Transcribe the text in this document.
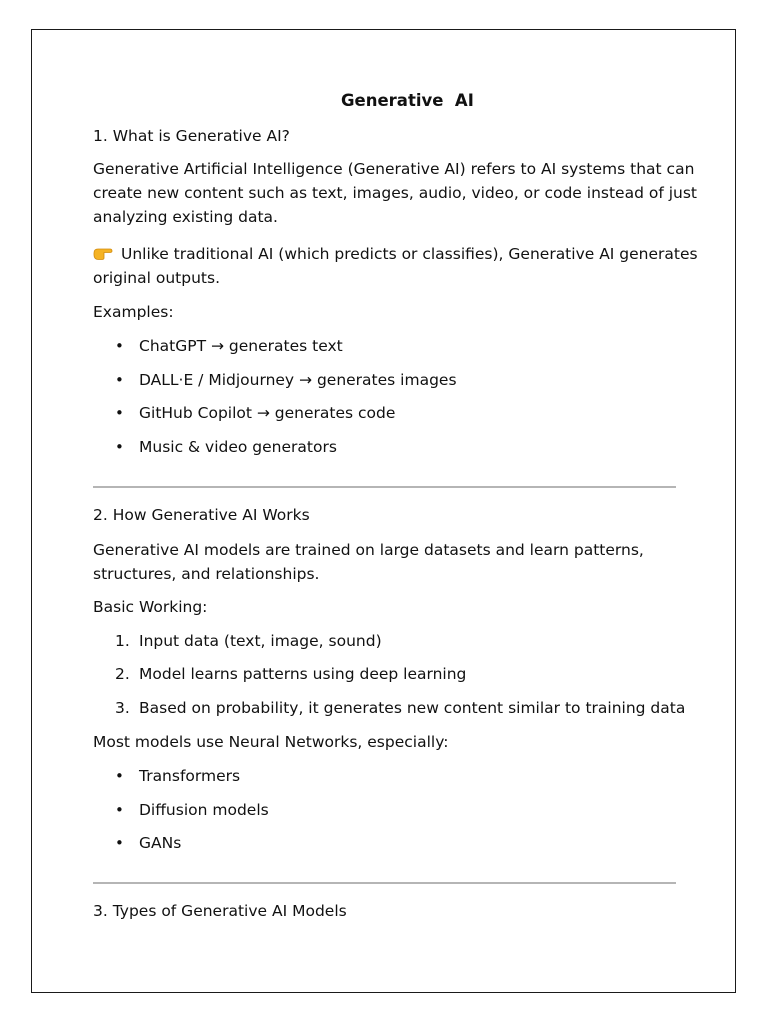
Generative  AI

1. What is Generative AI?

Generative Artificial Intelligence (Generative AI) refers to AI systems that can

create new content such as text, images, audio, video, or code instead of just

analyzing existing data.

Unlike traditional AI (which predicts or classifies), Generative AI generates

original outputs.

Examples:

• ChatGPT → generates text
• DALL·E / Midjourney → generates images
• GitHub Copilot → generates code
• Music & video generators

2. How Generative AI Works

Generative AI models are trained on large datasets and learn patterns,

structures, and relationships.

Basic Working:

1. Input data (text, image, sound)
2. Model learns patterns using deep learning
3. Based on probability, it generates new content similar to training data

Most models use Neural Networks, especially:

• Transformers
• Diffusion models
• GANs

3. Types of Generative AI Models
